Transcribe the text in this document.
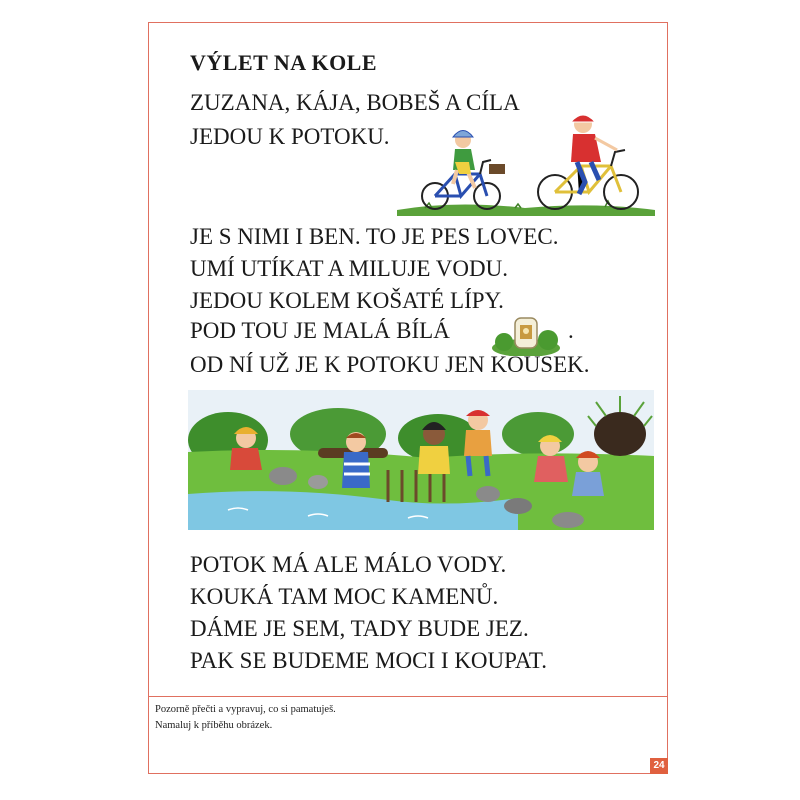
VÝLET NA KOLE
ZUZANA, KÁJA, BOBEŠ A CÍLA
JEDOU K POTOKU.
JE S NIMI I BEN. TO JE PES LOVEC.
UMÍ UTÍKAT A MILUJE VODU.
JEDOU KOLEM KOŠATÉ LÍPY.
POD TOU JE MALÁ BÍLÁ	.
OD NÍ UŽ JE K POTOKU JEN KOUSEK.
POTOK MÁ ALE MÁLO VODY.
KOUKÁ TAM MOC KAMENŮ.
DÁME JE SEM, TADY BUDE JEZ.
PAK SE BUDEME MOCI I KOUPAT.
Pozorně přečti a vypravuj, co si pamatuješ.
Namaluj k příběhu obrázek.
24
